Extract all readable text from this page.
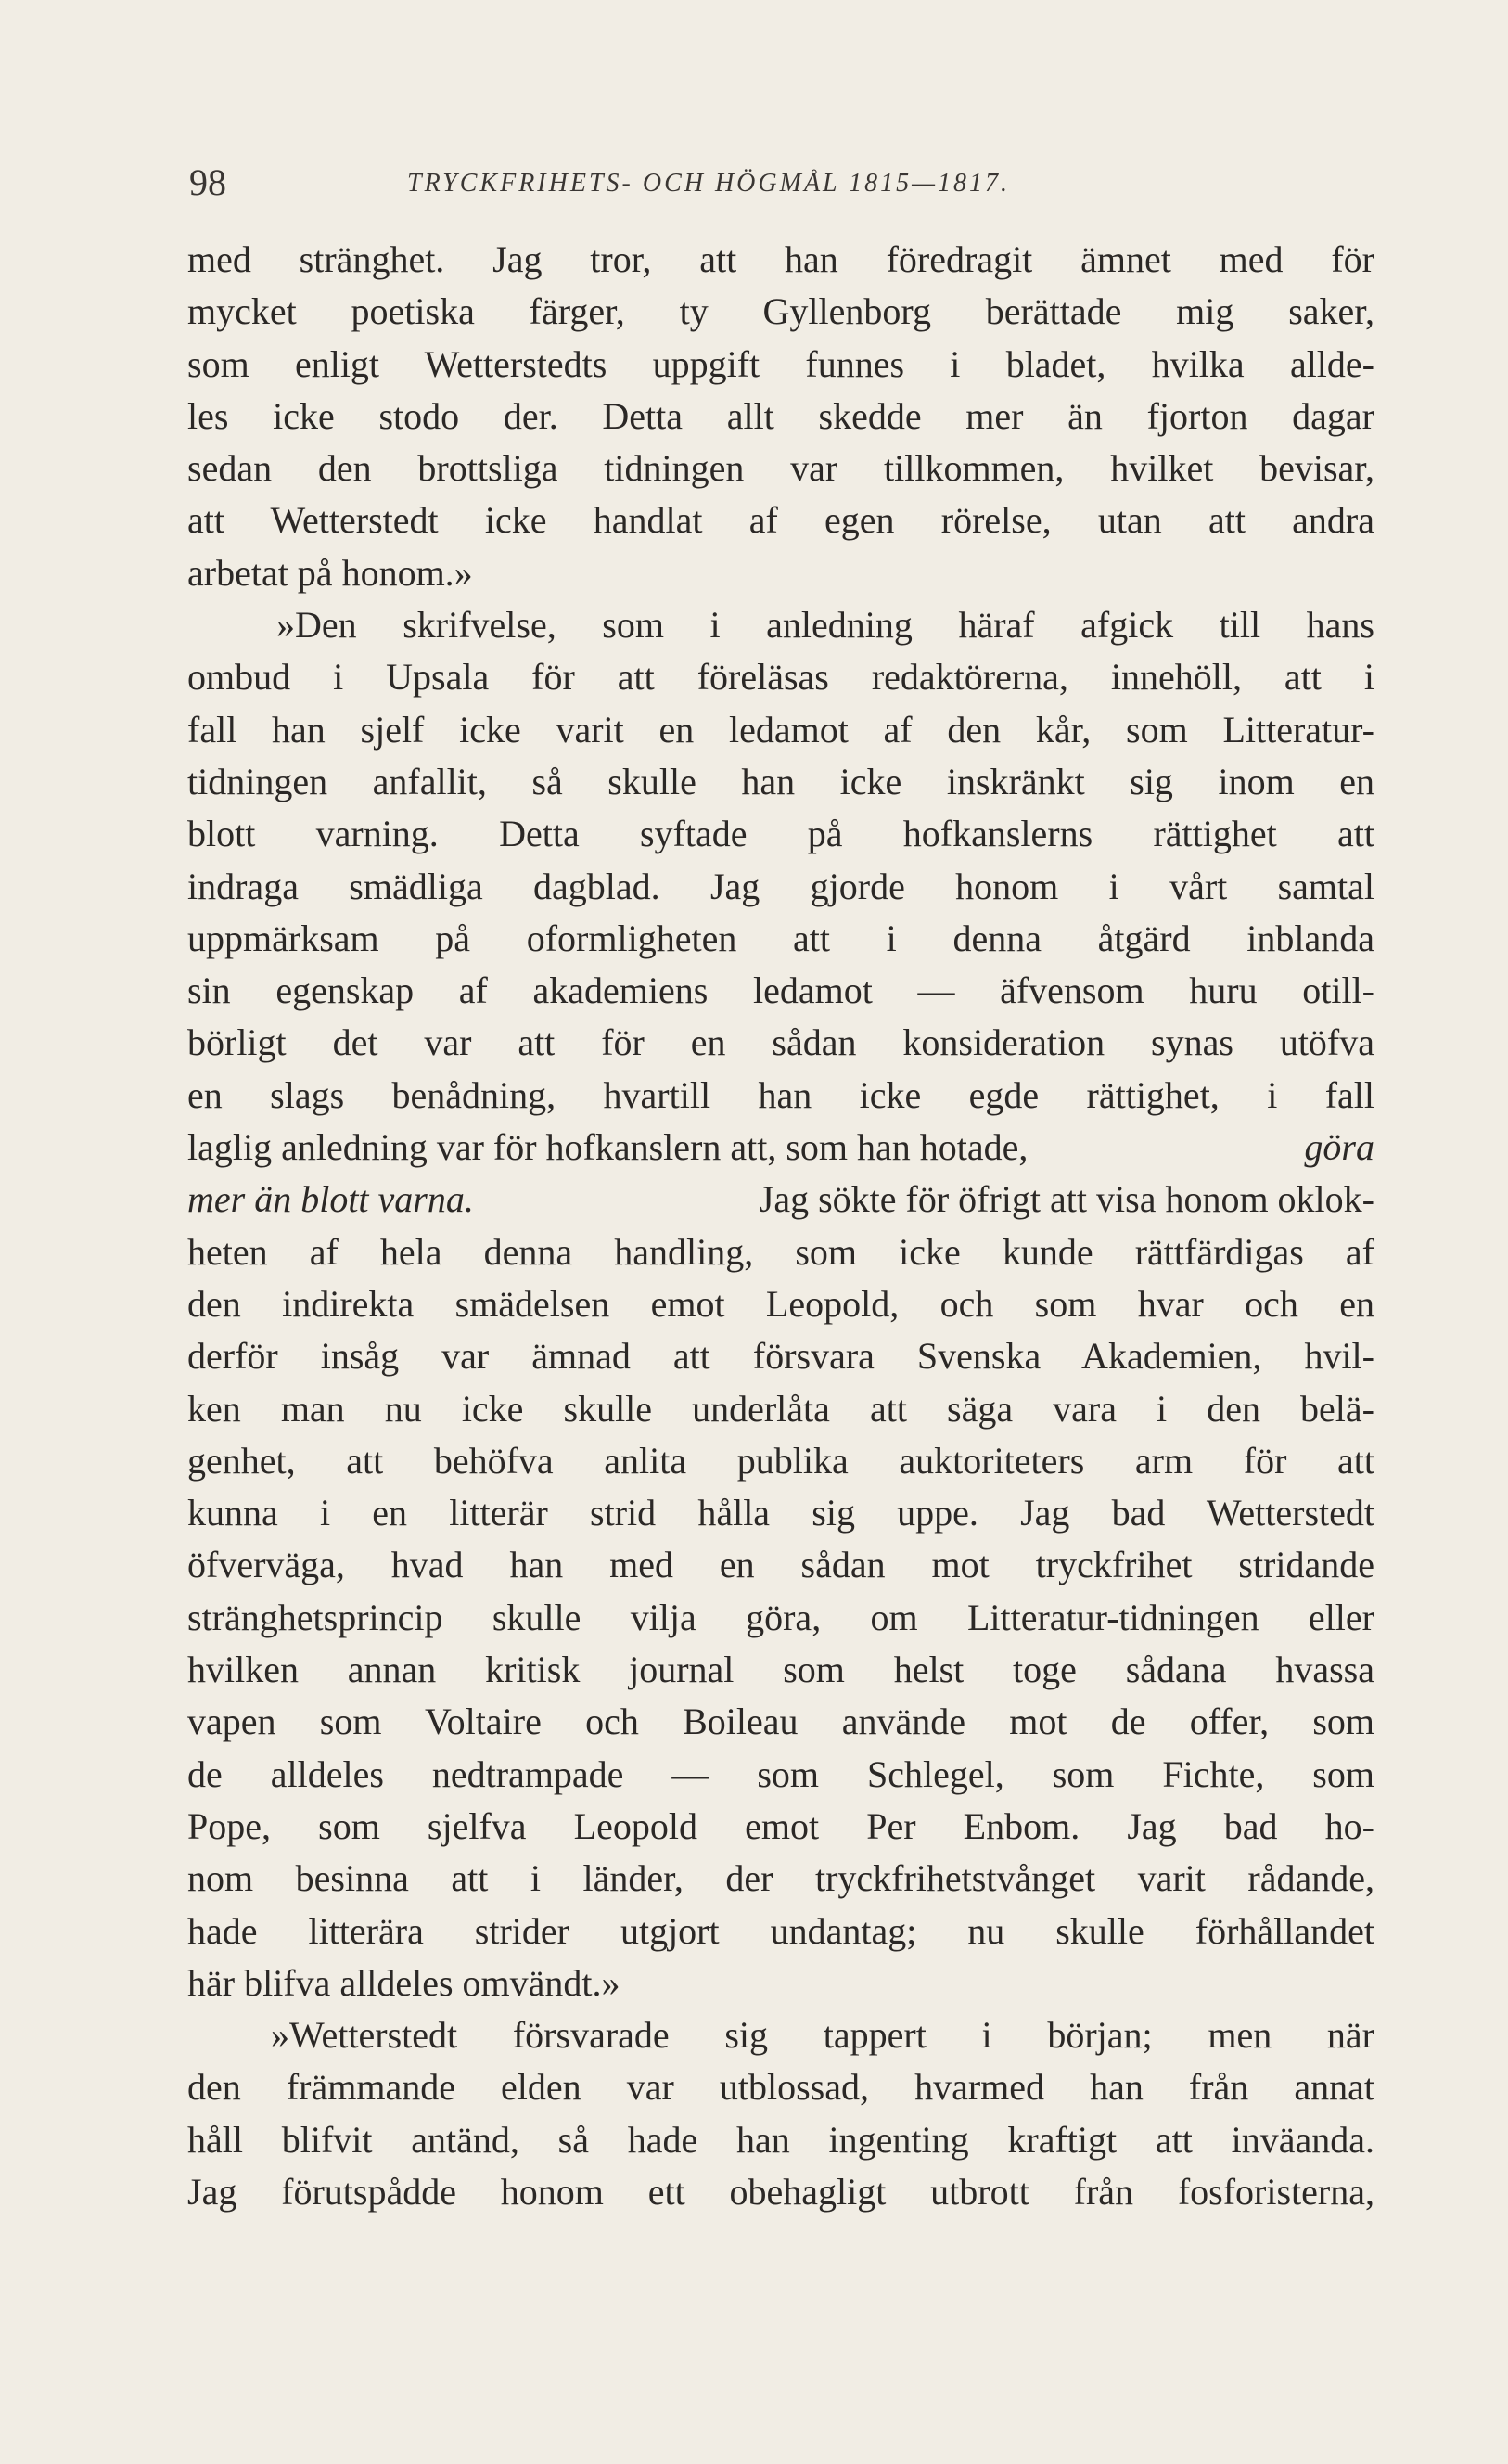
98	TRYCKFRIHETS- OCH HÖGMÅL 1815—1817.
med stränghet. Jag tror, att han föredragit ämnet med för
mycket poetiska färger, ty Gyllenborg berättade mig saker,
som enligt Wetterstedts uppgift funnes i bladet, hvilka allde-
les icke stodo der. Detta allt skedde mer än fjorton dagar
sedan den brottsliga tidningen var tillkommen, hvilket bevisar,
att Wetterstedt icke handlat af egen rörelse, utan att andra
arbetat på honom.»
»Den skrifvelse, som i anledning häraf afgick till hans
ombud i Upsala för att föreläsas redaktörerna, innehöll, att i
fall han sjelf icke varit en ledamot af den kår, som Litteratur-
tidningen anfallit, så skulle han icke inskränkt sig inom en
blott varning. Detta syftade på hofkanslerns rättighet att
indraga smädliga dagblad. Jag gjorde honom i vårt samtal
uppmärksam på oformligheten att i denna åtgärd inblanda
sin egenskap af akademiens ledamot — äfvensom huru otill-
börligt det var att för en sådan konsideration synas utöfva
en slags benådning, hvartill han icke egde rättighet, i fall
laglig anledning var för hofkanslern att, som han hotade,	göra
mer än blott varna.	Jag sökte för öfrigt att visa honom oklok-
heten af hela denna handling, som icke kunde rättfärdigas af
den indirekta smädelsen emot Leopold, och som hvar och en
derför insåg var ämnad att försvara Svenska Akademien, hvil-
ken man nu icke skulle underlåta att säga vara i den belä-
genhet, att behöfva anlita publika auktoriteters arm för att
kunna i en litterär strid hålla sig uppe. Jag bad Wetterstedt
öfverväga, hvad han med en sådan mot tryckfrihet stridande
stränghetsprincip skulle vilja göra, om Litteratur-tidningen eller
hvilken annan kritisk journal som helst toge sådana hvassa
vapen som Voltaire och Boileau använde mot de offer, som
de alldeles nedtrampade — som Schlegel, som Fichte, som
Pope, som sjelfva Leopold emot Per Enbom. Jag bad ho-
nom besinna att i länder, der tryckfrihetstvånget varit rådande,
hade litterära strider utgjort undantag; nu skulle förhållandet
här blifva alldeles omvändt.»
»Wetterstedt försvarade sig tappert i början; men när
den främmande elden var utblossad, hvarmed han från annat
håll blifvit antänd, så hade han ingenting kraftigt att inväanda.
Jag förutspådde honom ett obehagligt utbrott från fosforisterna,
